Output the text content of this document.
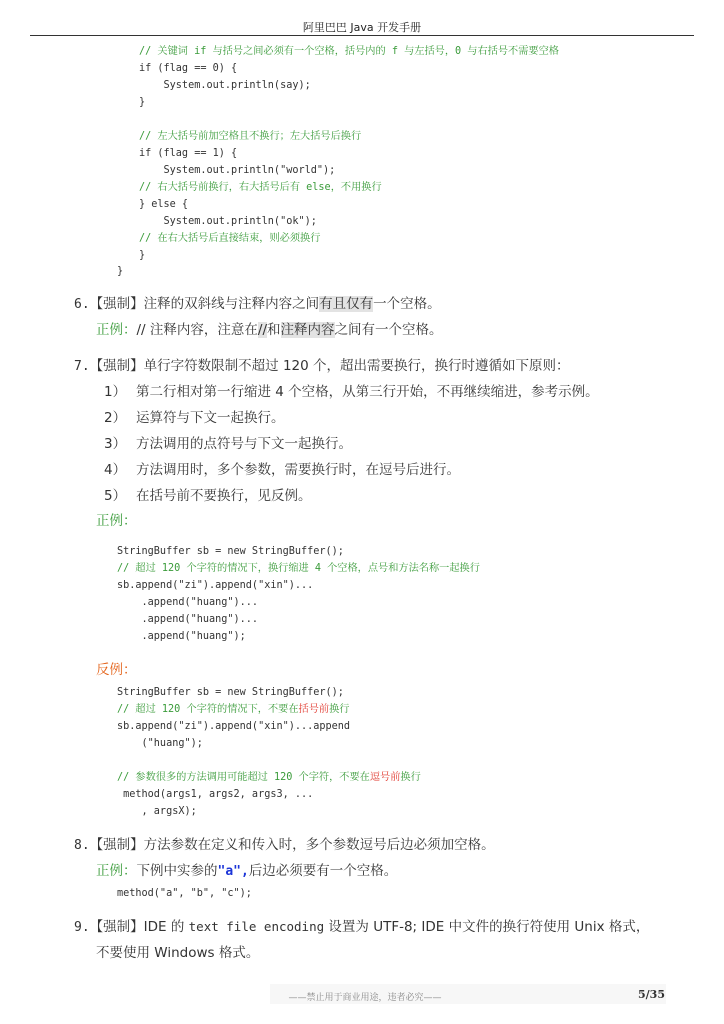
阿里巴巴 Java 开发手册
// 关键词 if 与括号之间必须有一个空格，括号内的 f 与左括号，0 与右括号不需要空格
if (flag == 0) {
System.out.println(say);
}
// 左大括号前加空格且不换行；左大括号后换行
if (flag == 1) {
System.out.println("world");
// 右大括号前换行，右大括号后有 else，不用换行
} else {
System.out.println("ok");
// 在右大括号后直接结束，则必须换行
}
}
6.【强制】注释的双斜线与注释内容之间有且仅有一个空格。
正例：// 注释内容，注意在//和注释内容之间有一个空格。
7.【强制】单行字符数限制不超过 120 个，超出需要换行，换行时遵循如下原则：
1） 第二行相对第一行缩进 4 个空格，从第三行开始，不再继续缩进，参考示例。
2） 运算符与下文一起换行。
3） 方法调用的点符号与下文一起换行。
4） 方法调用时，多个参数，需要换行时，在逗号后进行。
5） 在括号前不要换行，见反例。
正例：
StringBuffer sb = new StringBuffer();
// 超过 120 个字符的情况下，换行缩进 4 个空格，点号和方法名称一起换行
sb.append("zi").append("xin")...
.append("huang")...
.append("huang")...
.append("huang");
反例：
StringBuffer sb = new StringBuffer();
// 超过 120 个字符的情况下，不要在括号前换行
sb.append("zi").append("xin")...append
("huang");
// 参数很多的方法调用可能超过 120 个字符，不要在逗号前换行
method(args1, args2, args3, ...
, argsX);
8.【强制】方法参数在定义和传入时，多个参数逗号后边必须加空格。
正例：下例中实参的"a",后边必须要有一个空格。
method("a", "b", "c");
9.【强制】IDE 的 text file encoding 设置为 UTF-8; IDE 中文件的换行符使用 Unix 格式，
不要使用 Windows 格式。
——禁止用于商业用途，违者必究——	5/35
